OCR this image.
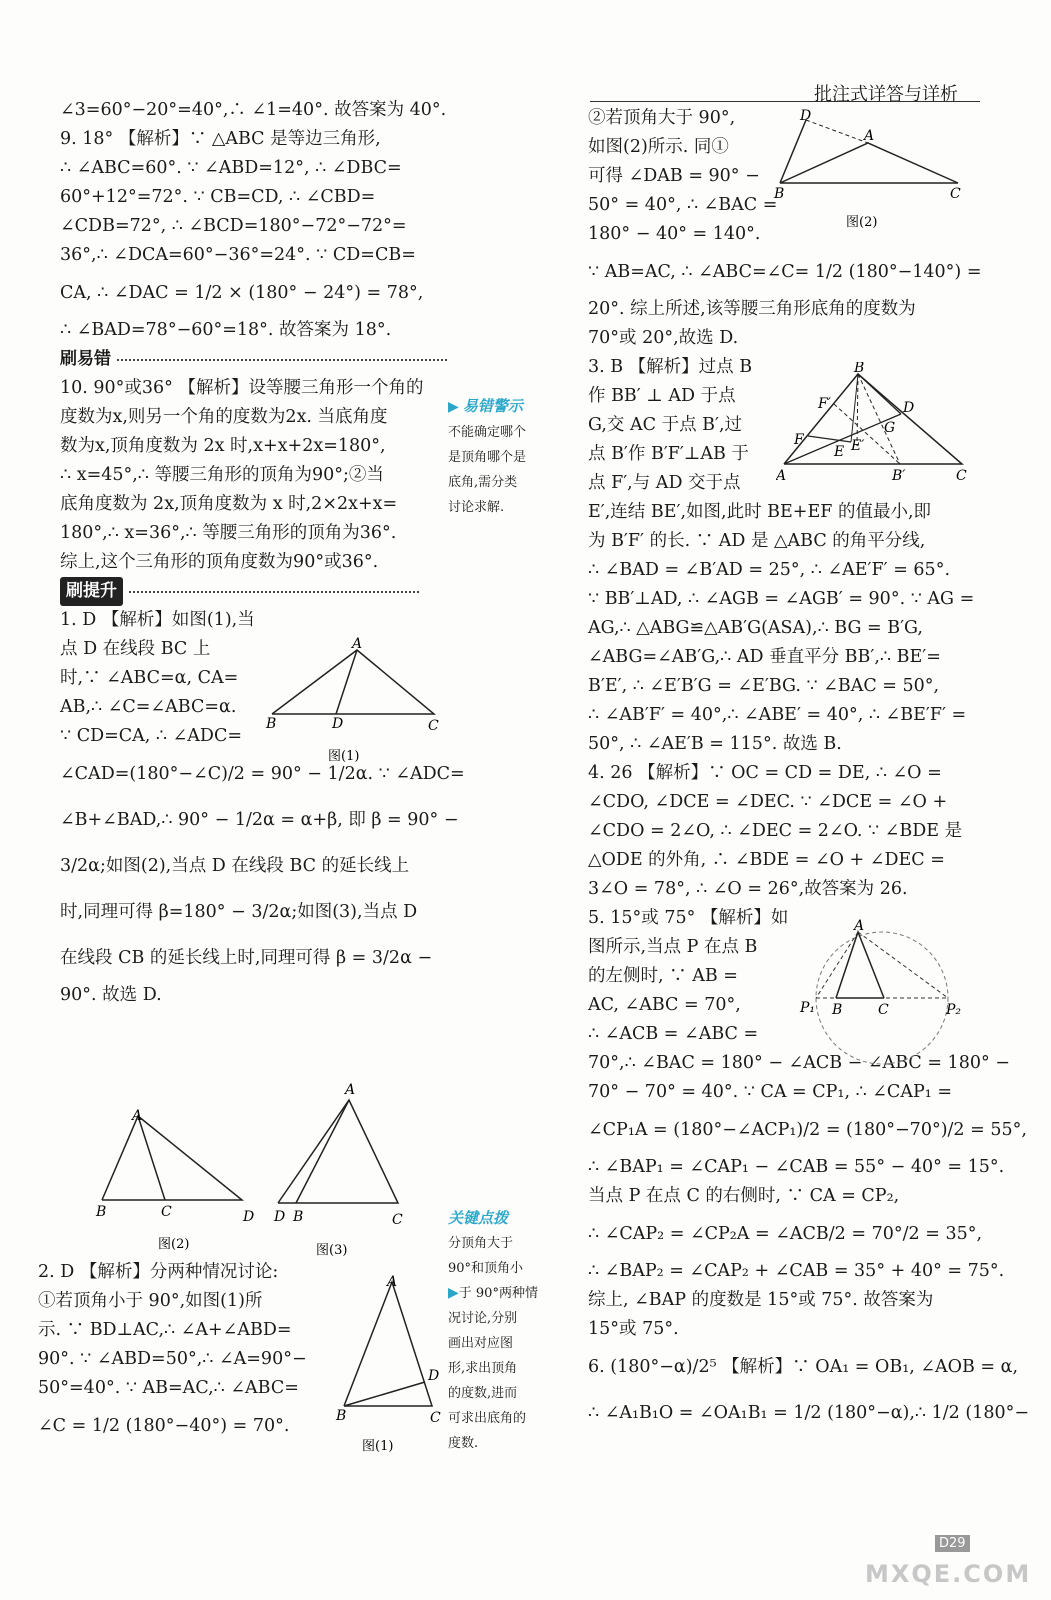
批注式详答与详析

∠3=60°−20°=40°,∴ ∠1=40°. 故答案为 40°.

9. 18° 【解析】∵ △ABC 是等边三角形,

∴ ∠ABC=60°. ∵ ∠ABD=12°, ∴ ∠DBC=

60°+12°=72°. ∵ CB=CD, ∴ ∠CBD=

∠CDB=72°, ∴ ∠BCD=180°−72°−72°=

36°,∴ ∠DCA=60°−36°=24°. ∵ CD=CB=

CA, ∴ ∠DAC = 1/2 × (180° − 24°) = 78°,

∴ ∠BAD=78°−60°=18°. 故答案为 18°.

刷易错

10. 90°或36° 【解析】设等腰三角形一个角的

度数为x,则另一个角的度数为2x. 当底角度

数为x,顶角度数为 2x 时,x+x+2x=180°,

∴ x=45°,∴ 等腰三角形的顶角为90°;②当

底角度数为 2x,顶角度数为 x 时,2×2x+x=

180°,∴ x=36°,∴ 等腰三角形的顶角为36°.

综上,这个三角形的顶角度数为90°或36°.

刷提升

1. D 【解析】如图(1),当

点 D 在线段 BC 上

时,∵ ∠ABC=α, CA=

AB,∴ ∠C=∠ABC=α.

∵ CD=CA, ∴ ∠ADC=

∠CAD=(180°−∠C)/2 = 90° − 1/2α. ∵ ∠ADC=

∠B+∠BAD,∴ 90° − 1/2α = α+β, 即 β = 90° −

3/2α;如图(2),当点 D 在线段 BC 的延长线上

时,同理可得 β=180° − 3/2α;如图(3),当点 D

在线段 CB 的延长线上时,同理可得 β = 3/2α −

90°. 故选 D.

▶ 易错警示
不能确定哪个
是顶角哪个是
底角,需分类
讨论求解.
A
B	D	C
图(1)
A
B	C	D
图(2)
A
D B	C
图(3)

2. D 【解析】分两种情况讨论:

①若顶角小于 90°,如图(1)所

示. ∵ BD⊥AC,∴ ∠A+∠ABD=

90°. ∵ ∠ABD=50°,∴ ∠A=90°−

50°=40°. ∵ AB=AC,∴ ∠ABC=

∠C = 1/2 (180°−40°) = 70°.

A
B
D
C
图(1)
关键点拨
分顶角大于
90°和顶角小
▶于 90°两种情
况讨论,分别
画出对应图
形,求出顶角
的度数,进而
可求出底角的
度数.

②若顶角大于 90°,

如图(2)所示. 同①

可得 ∠DAB = 90° −

50° = 40°, ∴ ∠BAC =

180° − 40° = 140°.

∵ AB=AC, ∴ ∠ABC=∠C= 1/2 (180°−140°) =

20°. 综上所述,该等腰三角形底角的度数为

70°或 20°,故选 D.

3. B 【解析】过点 B

作 BB′ ⊥ AD 于点

G,交 AC 于点 B′,过

点 B′作 B′F′⊥AB 于

点 F′,与 AD 交于点

E′,连结 BE′,如图,此时 BE+EF 的值最小,即

为 B′F′ 的长. ∵ AD 是 △ABC 的角平分线,

∴ ∠BAD = ∠B′AD = 25°, ∴ ∠AE′F′ = 65°.

∵ BB′⊥AD, ∴ ∠AGB = ∠AGB′ = 90°. ∵ AG =

AG,∴ △ABG≌△AB′G(ASA),∴ BG = B′G,

∠ABG=∠AB′G,∴ AD 垂直平分 BB′,∴ BE′=

B′E′, ∴ ∠E′B′G = ∠E′BG. ∵ ∠BAC = 50°,

∴ ∠AB′F′ = 40°,∴ ∠ABE′ = 40°, ∴ ∠BE′F′ =

50°, ∴ ∠AE′B = 115°. 故选 B.

4. 26 【解析】∵ OC = CD = DE, ∴ ∠O =

∠CDO, ∠DCE = ∠DEC. ∵ ∠DCE = ∠O +

∠CDO = 2∠O, ∴ ∠DEC = 2∠O. ∵ ∠BDE 是

△ODE 的外角, ∴ ∠BDE = ∠O + ∠DEC =

3∠O = 78°, ∴ ∠O = 26°,故答案为 26.

5. 15°或 75° 【解析】如

图所示,当点 P 在点 B

的左侧时, ∵ AB =

AC, ∠ABC = 70°,

∴ ∠ACB = ∠ABC =

70°,∴ ∠BAC = 180° − ∠ACB − ∠ABC = 180° −

70° − 70° = 40°. ∵ CA = CP₁, ∴ ∠CAP₁ =

∠CP₁A = (180°−∠ACP₁)/2 = (180°−70°)/2 = 55°,

∴ ∠BAP₁ = ∠CAP₁ − ∠CAB = 55° − 40° = 15°.

当点 P 在点 C 的右侧时, ∵ CA = CP₂,

∴ ∠CAP₂ = ∠CP₂A = ∠ACB/2 = 70°/2 = 35°,

∴ ∠BAP₂ = ∠CAP₂ + ∠CAB = 35° + 40° = 75°.

综上, ∠BAP 的度数是 15°或 75°. 故答案为

15°或 75°.

6. (180°−α)/2⁵ 【解析】∵ OA₁ = OB₁, ∠AOB = α,

∴ ∠A₁B₁O = ∠OA₁B₁ = 1/2 (180°−α),∴ 1/2 (180°−

D
A
B	C
图(2)
B
D
F′
F
G
E E′
A	B′	C
A
P₁ B	C	P₂
D29
MXQE.COM
